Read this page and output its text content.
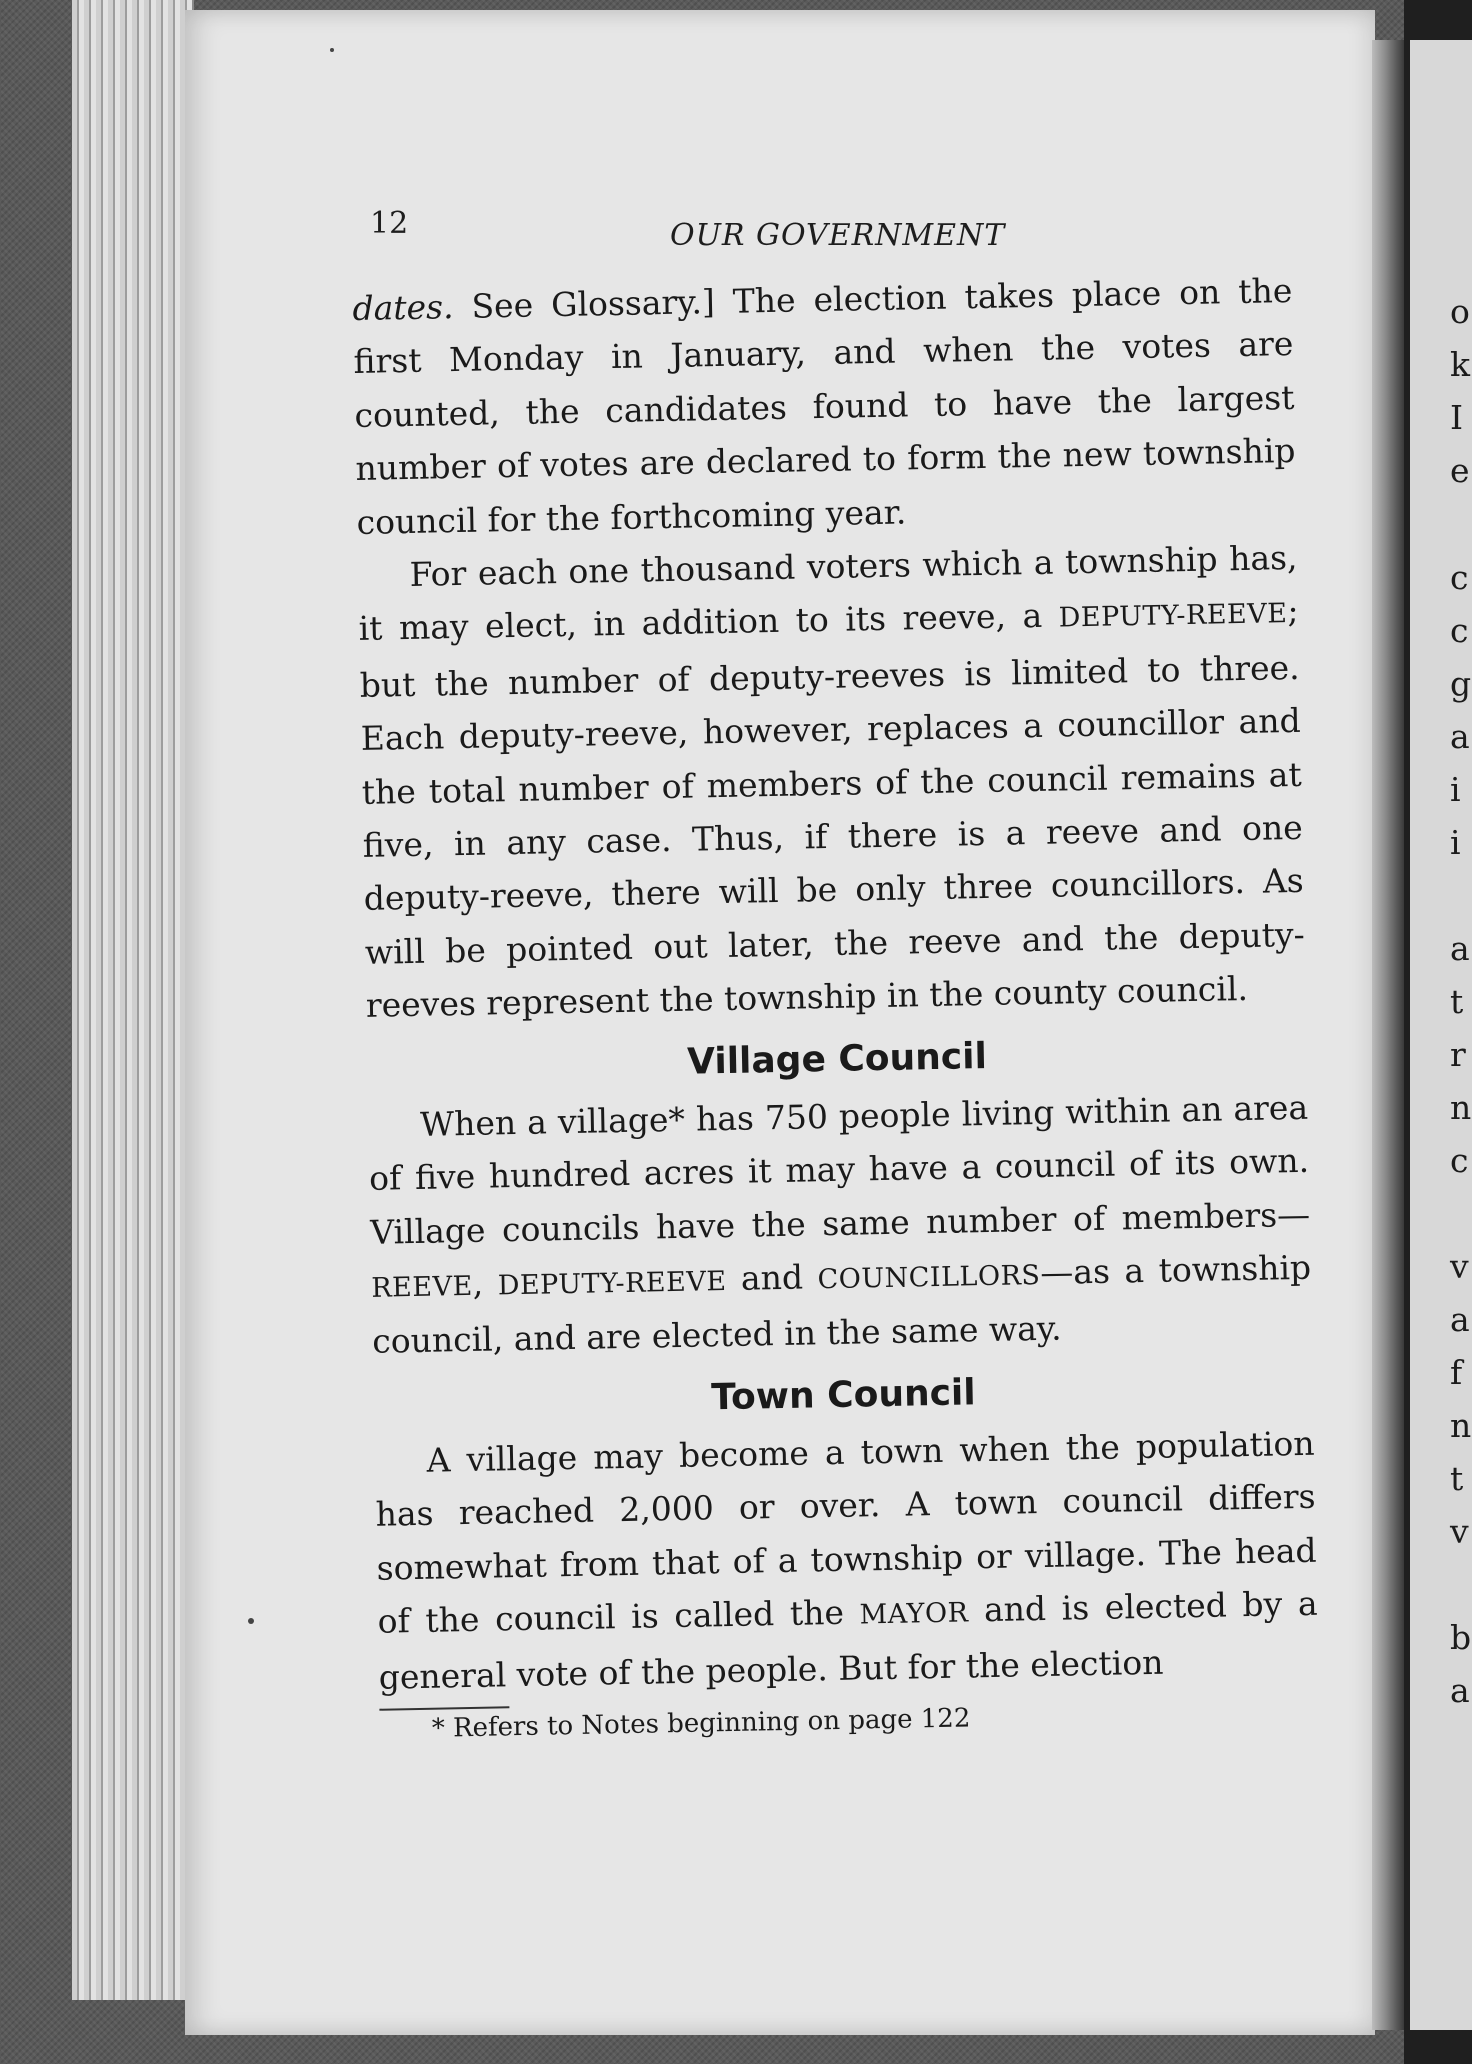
o
k
I
e
c
c
g
a
i
i
a
t
r
n
c
v
a
f
n
t
v
b
a
12	OUR GOVERNMENT

dates. See Glossary.] The election takes place on the first Monday in January, and when the votes are counted, the candidates found to have the largest number of votes are declared to form the new township council for the forthcoming year.

For each one thousand voters which a township has, it may elect, in addition to its reeve, a DEPUTY-REEVE; but the number of deputy-reeves is limited to three. Each deputy-reeve, however, replaces a councillor and the total number of members of the council remains at five, in any case. Thus, if there is a reeve and one deputy-reeve, there will be only three councillors. As will be pointed out later, the reeve and the deputy-reeves represent the township in the county council.

Village Council

When a village* has 750 people living within an area of five hundred acres it may have a council of its own. Village councils have the same number of members—REEVE, DEPUTY-REEVE and COUNCILLORS—as a township council, and are elected in the same way.

Town Council

A village may become a town when the population has reached 2,000 or over. A town council differs somewhat from that of a township or village. The head of the council is called the MAYOR and is elected by a general vote of the people. But for the election

* Refers to Notes beginning on page 122
